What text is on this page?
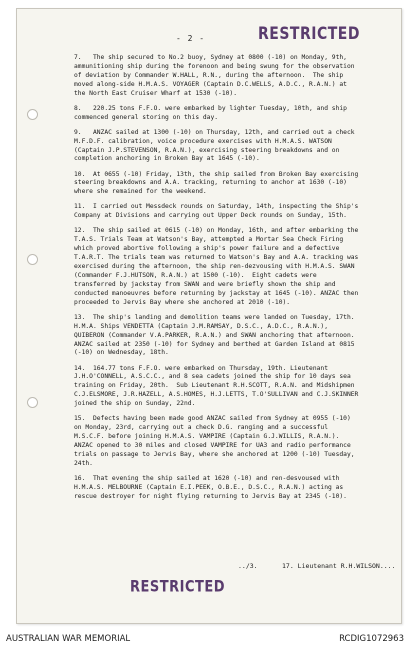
- 2 -	RESTRICTED

7.   The ship secured to No.2 buoy, Sydney at 0800 (-10) on Monday, 9th, ammunitioning ship during the forenoon and being swung for the observation of deviation by Commander W.HALL, R.N., during the afternoon.  The ship moved along-side H.M.A.S. VOYAGER (Captain D.C.WELLS, A.D.C., R.A.N.) at the North East Cruiser Wharf at 1530 (-10).

8.   220.25 tons F.F.O. were embarked by lighter Tuesday, 10th, and ship commenced general storing on this day.

9.   ANZAC sailed at 1300 (-10) on Thursday, 12th, and carried out a check M.F.D.F. calibration, voice procedure exercises with H.M.A.S. WATSON (Captain J.P.STEVENSON, R.A.N.), exercising steering breakdowns and on completion anchoring in Broken Bay at 1645 (-10).

10.  At 0655 (-10) Friday, 13th, the ship sailed from Broken Bay exercising steering breakdowns and A.A. tracking, returning to anchor at 1630 (-10) where she remained for the weekend.

11.  I carried out Messdeck rounds on Saturday, 14th, inspecting the Ship's Company at Divisions and carrying out Upper Deck rounds on Sunday, 15th.

12.  The ship sailed at 0615 (-10) on Monday, 16th, and after embarking the T.A.S. Trials Team at Watson's Bay, attempted a Mortar Sea Check Firing which proved abortive following a ship's power failure and a defective T.A.R.T. The trials team was returned to Watson's Bay and A.A. tracking was exercised during the afternoon, the ship ren-dezvousing with H.M.A.S. SWAN (Commander F.J.HUTSON, R.A.N.) at 1500 (-10).  Eight cadets were transferred by jackstay from SWAN and were briefly shown the ship and conducted manoeuvres before returning by jackstay at 1645 (-10). ANZAC then proceeded to Jervis Bay where she anchored at 2010 (-10).

13.  The ship's landing and demolition teams were landed on Tuesday, 17th.  H.M.A. Ships VENDETTA (Captain J.M.RAMSAY, D.S.C., A.D.C., R.A.N.), QUIBERON (Commander V.A.PARKER, R.A.N.) and SWAN anchoring that afternoon.  ANZAC sailed at 2350 (-10) for Sydney and berthed at Garden Island at 0815 (-10) on Wednesday, 18th.

14.  164.77 tons F.F.O. were embarked on Thursday, 19th. Lieutenant J.H.O'CONNELL, A.S.C.C., and 8 sea cadets joined the ship for 10 days sea training on Friday, 20th.  Sub Lieutenant R.H.SCOTT, R.A.N. and Midshipmen C.J.ELSMORE, J.R.HAZELL, A.S.HOMES, H.J.LETTS, T.O'SULLIVAN and C.J.SKINNER joined the ship on Sunday, 22nd.

15.  Defects having been made good ANZAC sailed from Sydney at 0955 (-10) on Monday, 23rd, carrying out a check D.G. ranging and a successful M.S.C.F. before joining H.M.A.S. VAMPIRE (Captain G.J.WILLIS, R.A.N.).  ANZAC opened to 30 miles and closed VAMPIRE for UA3 and radio performance trials on passage to Jervis Bay, where she anchored at 1200 (-10) Tuesday, 24th.

16.  That evening the ship sailed at 1620 (-10) and ren-desvoused with H.M.A.S. MELBOURNE (Captain E.I.PEEK, O.B.E., D.S.C., R.A.N.) acting as rescue destroyer for night flying returning to Jervis Bay at 2345 (-10).

../3.	17. Lieutenant R.H.WILSON....
RESTRICTED
AUSTRALIAN WAR MEMORIAL	RCDIG1072963
